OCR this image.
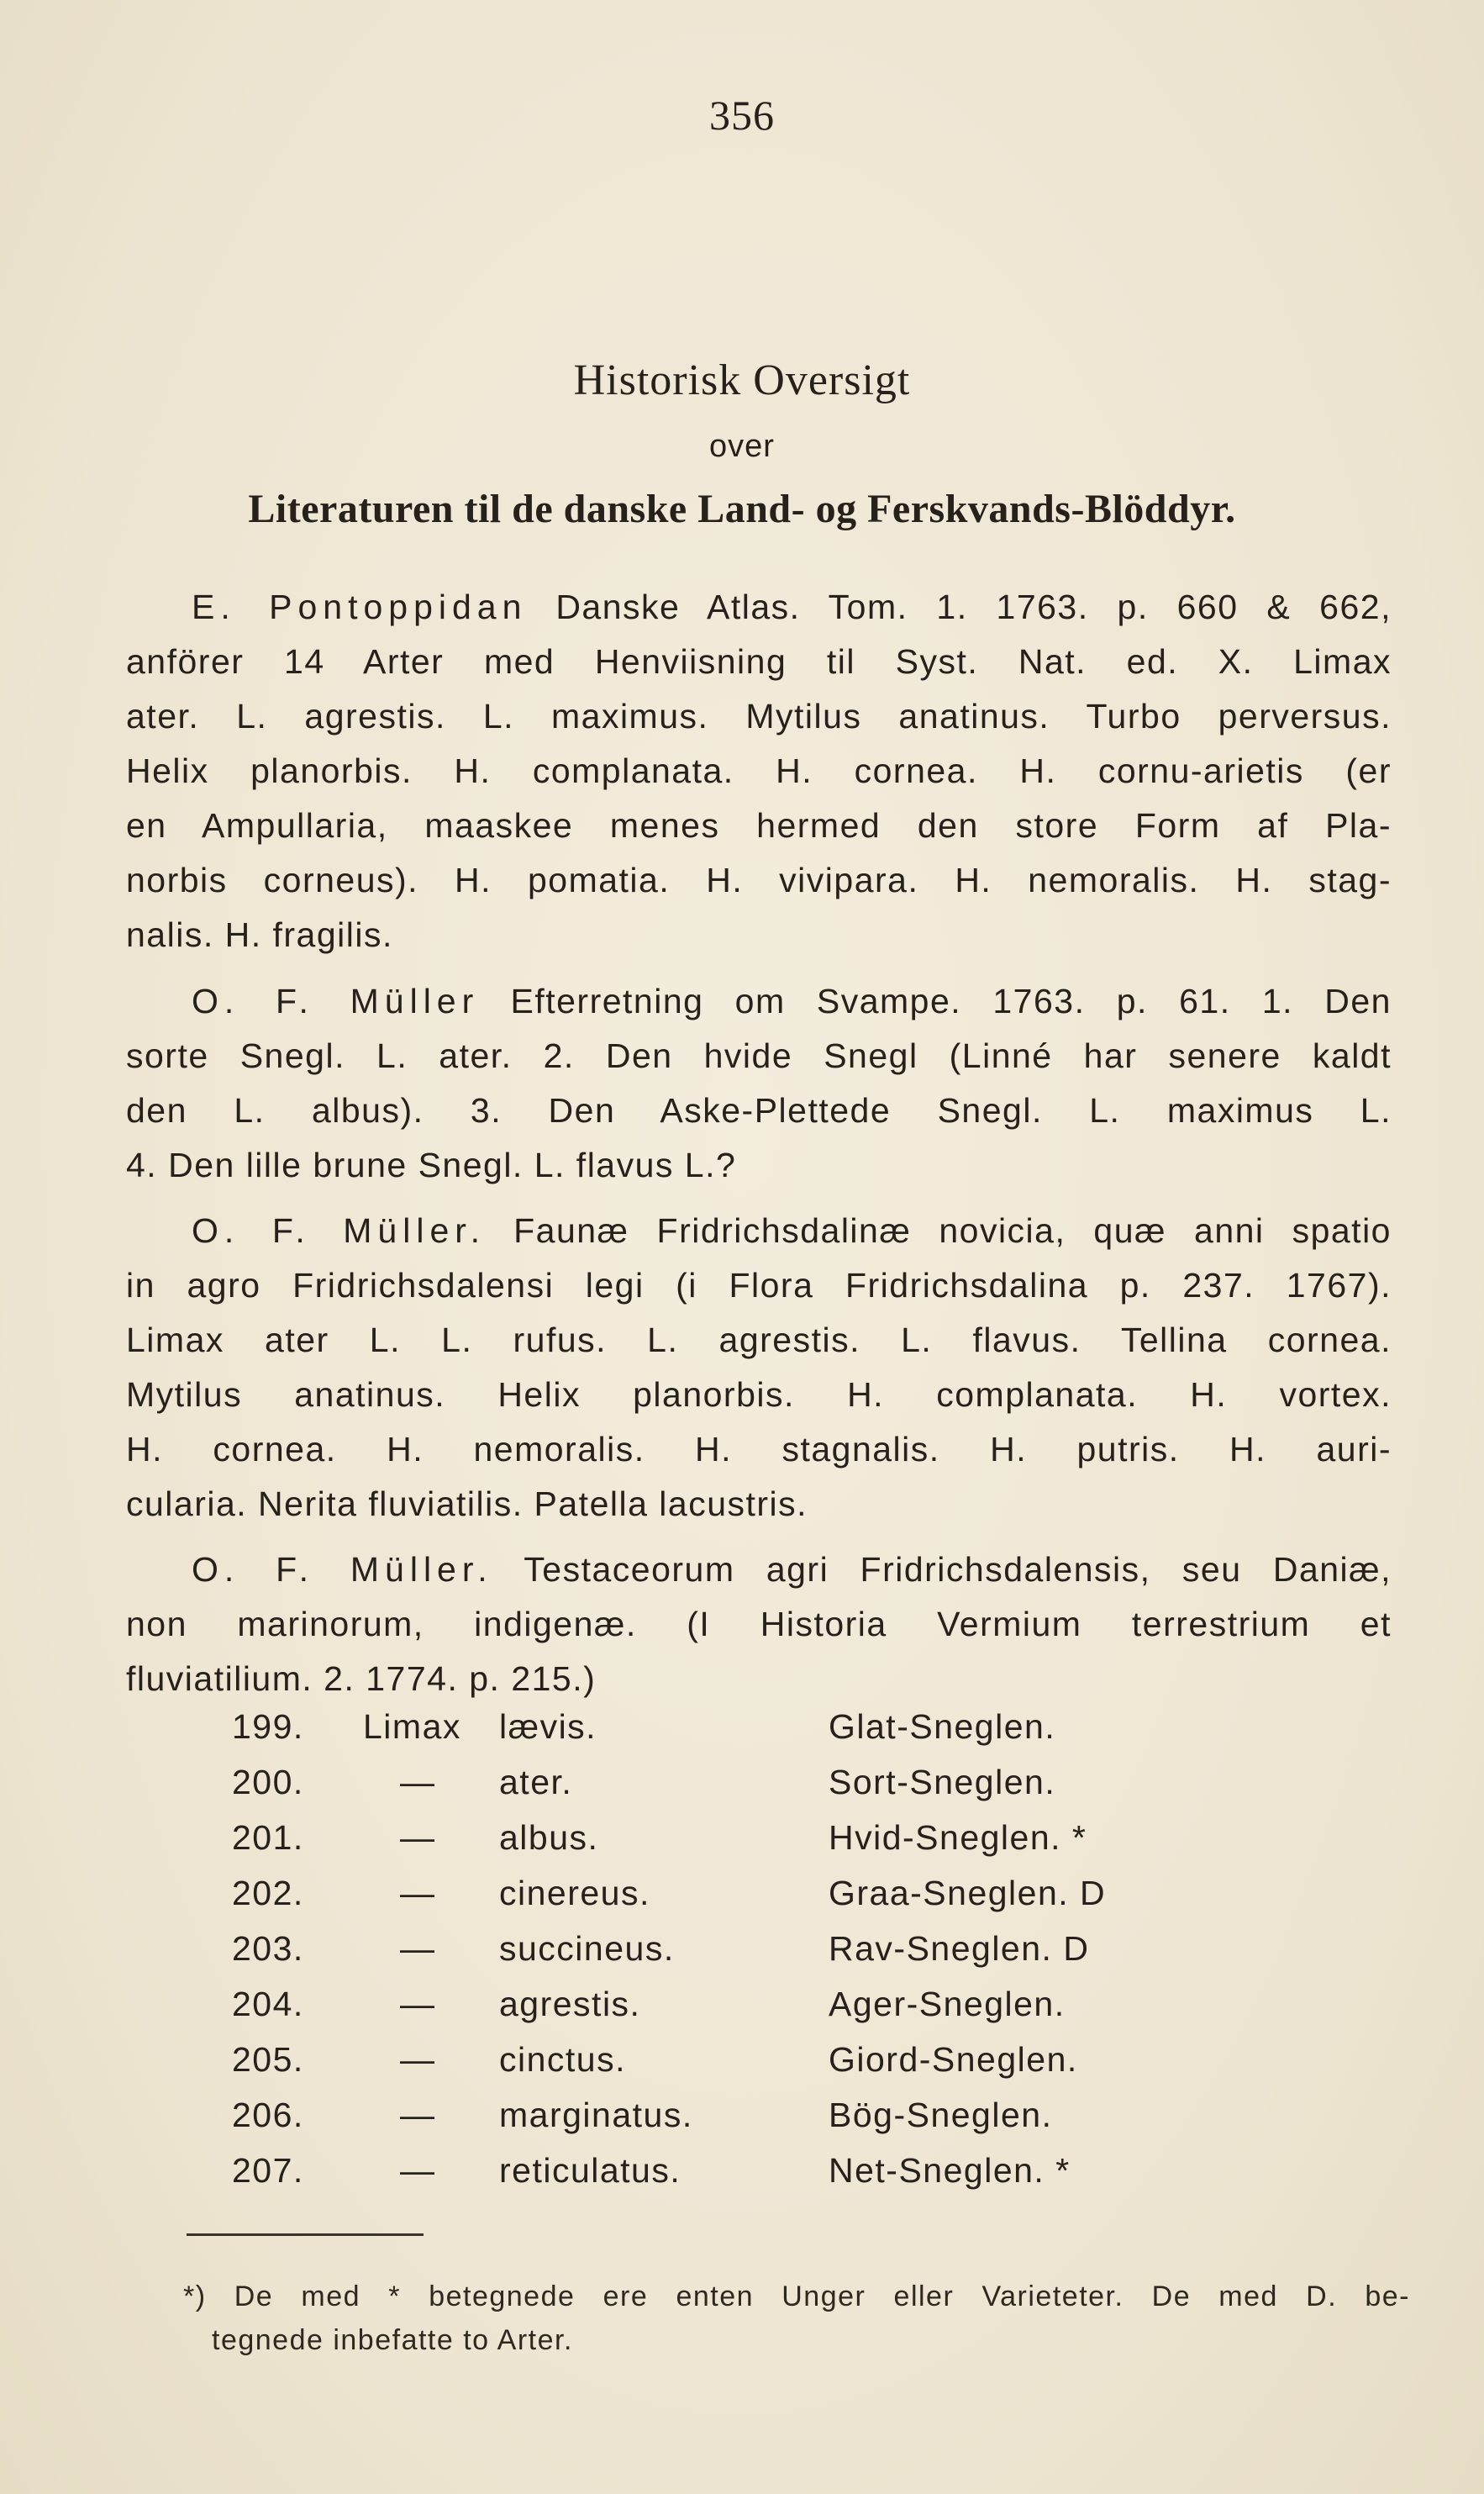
356
Historisk Oversigt
over
Literaturen til de danske Land- og Ferskvands-Blöddyr.
E. Pontoppidan Danske Atlas. Tom. 1. 1763. p. 660 & 662,
anförer 14 Arter med Henviisning til Syst. Nat. ed. X. Limax
ater. L. agrestis. L. maximus. Mytilus anatinus. Turbo perversus.
Helix planorbis. H. complanata. H. cornea. H. cornu-arietis (er
en Ampullaria, maaskee menes hermed den store Form af Pla-
norbis corneus). H. pomatia. H. vivipara. H. nemoralis. H. stag-
nalis. H. fragilis.
O. F. Müller Efterretning om Svampe. 1763. p. 61. 1. Den
sorte Snegl. L. ater. 2. Den hvide Snegl (Linné har senere kaldt
den L. albus). 3. Den Aske-Plettede Snegl. L. maximus L.
4. Den lille brune Snegl. L. flavus L.?
O. F. Müller. Faunæ Fridrichsdalinæ novicia, quæ anni spatio
in agro Fridrichsdalensi legi (i Flora Fridrichsdalina p. 237. 1767).
Limax ater L. L. rufus. L. agrestis. L. flavus. Tellina cornea.
Mytilus anatinus. Helix planorbis. H. complanata. H. vortex.
H. cornea. H. nemoralis. H. stagnalis. H. putris. H. auri-
cularia. Nerita fluviatilis. Patella lacustris.
O. F. Müller. Testaceorum agri Fridrichsdalensis, seu Daniæ,
non marinorum, indigenæ. (I Historia Vermium terrestrium et
fluviatilium. 2. 1774. p. 215.)
199. Limax lævis.	Glat-Sneglen.
200.	— ater.	Sort-Sneglen.
201.	— albus.	Hvid-Sneglen. *
202.	— cinereus.	Graa-Sneglen. D
203.	— succineus.	Rav-Sneglen. D
204.	— agrestis.	Ager-Sneglen.
205.	— cinctus.	Giord-Sneglen.
206.	— marginatus.	Bög-Sneglen.
207.	— reticulatus.	Net-Sneglen. *
*) De med * betegnede ere enten Unger eller Varieteter. De med D. be-
tegnede inbefatte to Arter.
